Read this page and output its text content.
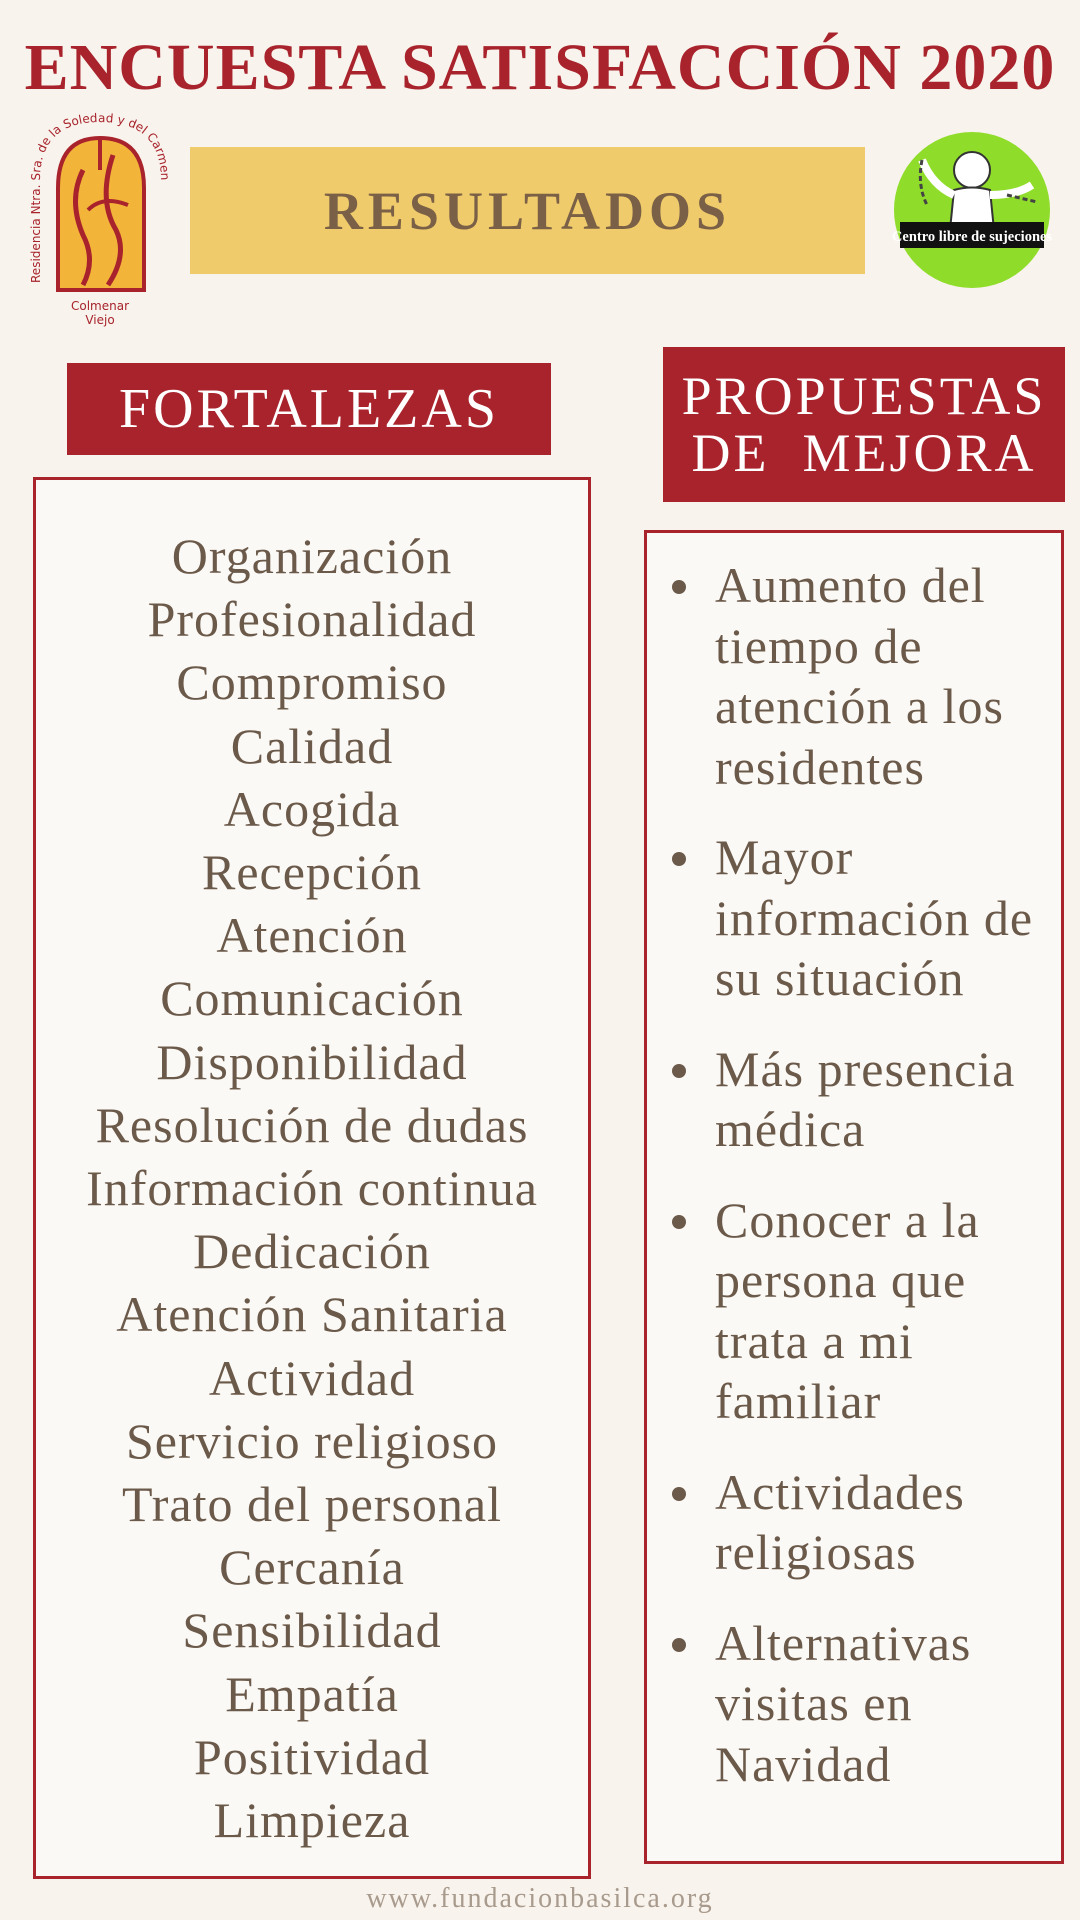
ENCUESTA SATISFACCIÓN 2020
Residencia Ntra. Sra. de la Soledad y del Carmen
Colmenar
Viejo
RESULTADOS	Centro libre de sujeciones
FORTALEZAS	PROPUESTAS
DE  MEJORA
Organización
Profesionalidad
Compromiso
Calidad
Acogida
Recepción
Atención
Comunicación
Disponibilidad
Resolución de dudas
Información continua
Dedicación
Atención Sanitaria
Actividad
Servicio religioso
Trato del personal
Cercanía
Sensibilidad
Empatía
Positividad
Limpieza
Aumento del tiempo de atención a los residentes
Mayor  información de su situación
Más presencia médica
Conocer a la persona que trata a mi familiar
Actividades religiosas
Alternativas visitas en Navidad
www.fundacionbasilca.org
